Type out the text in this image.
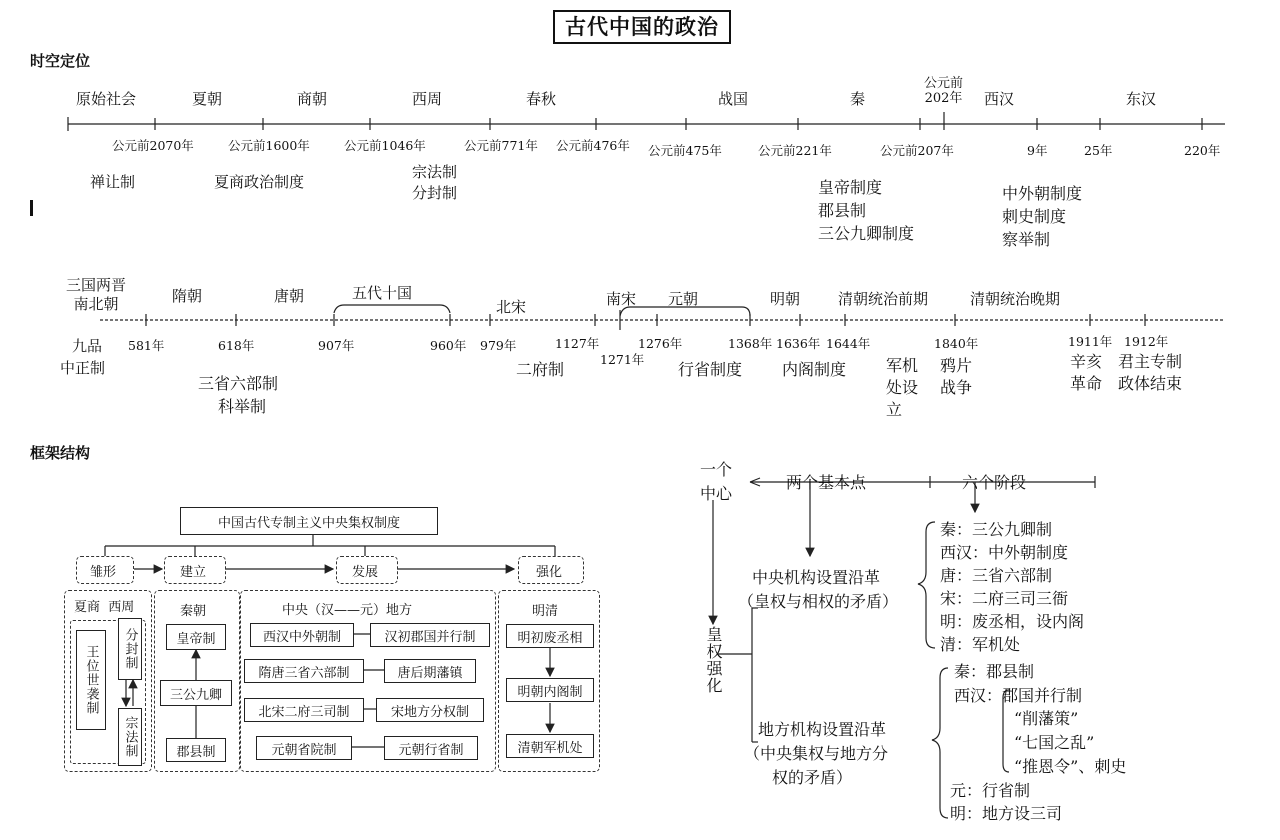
古代中国的政治
时空定位
框架结构
原始社会	夏朝	商朝	西周	春秋	战国	秦
公元前
202年 西汉	东汉
公元前2070年	公元前1600年	公元前1046年	公元前771年 公元前476年 公元前475年	公元前221年	公元前207年	9年	25年	220年
禅让制	夏商政治制度
宗法制
分封制	皇帝制度
郡县制
三公九卿制度
中外朝制度
刺史制度
察举制
三国两晋
南北朝	隋朝	唐朝	五代十国
北宋	南宋 元朝	明朝	清朝统治前期	清朝统治晚期
581年	618年	907年	960年 979年	1127年
1271年
1276年	1368年 1636年 1644年	1840年	1911年 1912年
九品
中正制
三省六部制
科举制
二府制	行省制度 内阁制度 军机
处设
立
鸦片
战争
辛亥
革命
君主专制
政体结束
中国古代专制主义中央集权制度
雏形	建立	发展	强化
夏商  西周
王位世袭制	分封制
宗法制
秦朝
皇帝制
三公九卿
郡县制
中央（汉——元）地方
西汉中外朝制	汉初郡国并行制
隋唐三省六部制	唐后期藩镇
北宋二府三司制	宋地方分权制
元朝省院制	元朝行省制
明清
明初废丞相
明朝内阁制
清朝军机处
一个
中心
两个基本点	六个阶段
皇权强化
中央机构设置沿革
（皇权与相权的矛盾）
地方机构设置沿革
（中央集权与地方分
权的矛盾）
秦：三公九卿制
西汉：中外朝制度
唐：三省六部制
宋：二府三司三衙
明：废丞相，设内阁
清：军机处
秦：郡县制
西汉：郡国并行制
“削藩策”
“七国之乱”
“推恩令”、刺史
元：行省制
明：地方设三司
